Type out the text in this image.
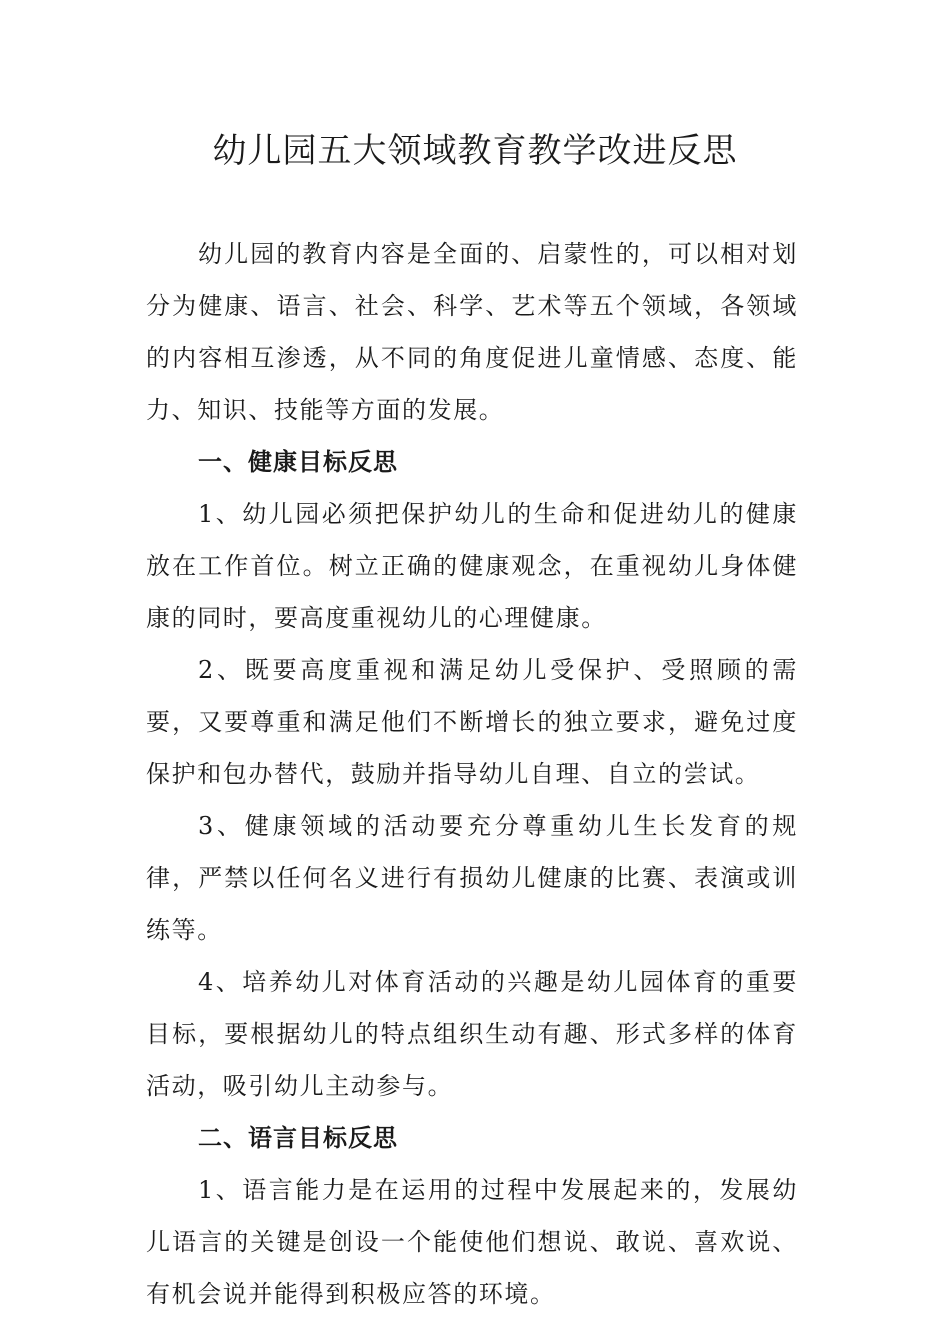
幼儿园五大领域教育教学改进反思

幼儿园的教育内容是全面的、启蒙性的，可以相对划分为健康、语言、社会、科学、艺术等五个领域，各领域的内容相互渗透，从不同的角度促进儿童情感、态度、能力、知识、技能等方面的发展。

一、健康目标反思

1、幼儿园必须把保护幼儿的生命和促进幼儿的健康放在工作首位。树立正确的健康观念，在重视幼儿身体健康的同时，要高度重视幼儿的心理健康。

2、既要高度重视和满足幼儿受保护、受照顾的需要，又要尊重和满足他们不断增长的独立要求，避免过度保护和包办替代，鼓励并指导幼儿自理、自立的尝试。

3、健康领域的活动要充分尊重幼儿生长发育的规律，严禁以任何名义进行有损幼儿健康的比赛、表演或训练等。

4、培养幼儿对体育活动的兴趣是幼儿园体育的重要目标，要根据幼儿的特点组织生动有趣、形式多样的体育活动，吸引幼儿主动参与。

二、语言目标反思

1、语言能力是在运用的过程中发展起来的，发展幼儿语言的关键是创设一个能使他们想说、敢说、喜欢说、有机会说并能得到积极应答的环境。
